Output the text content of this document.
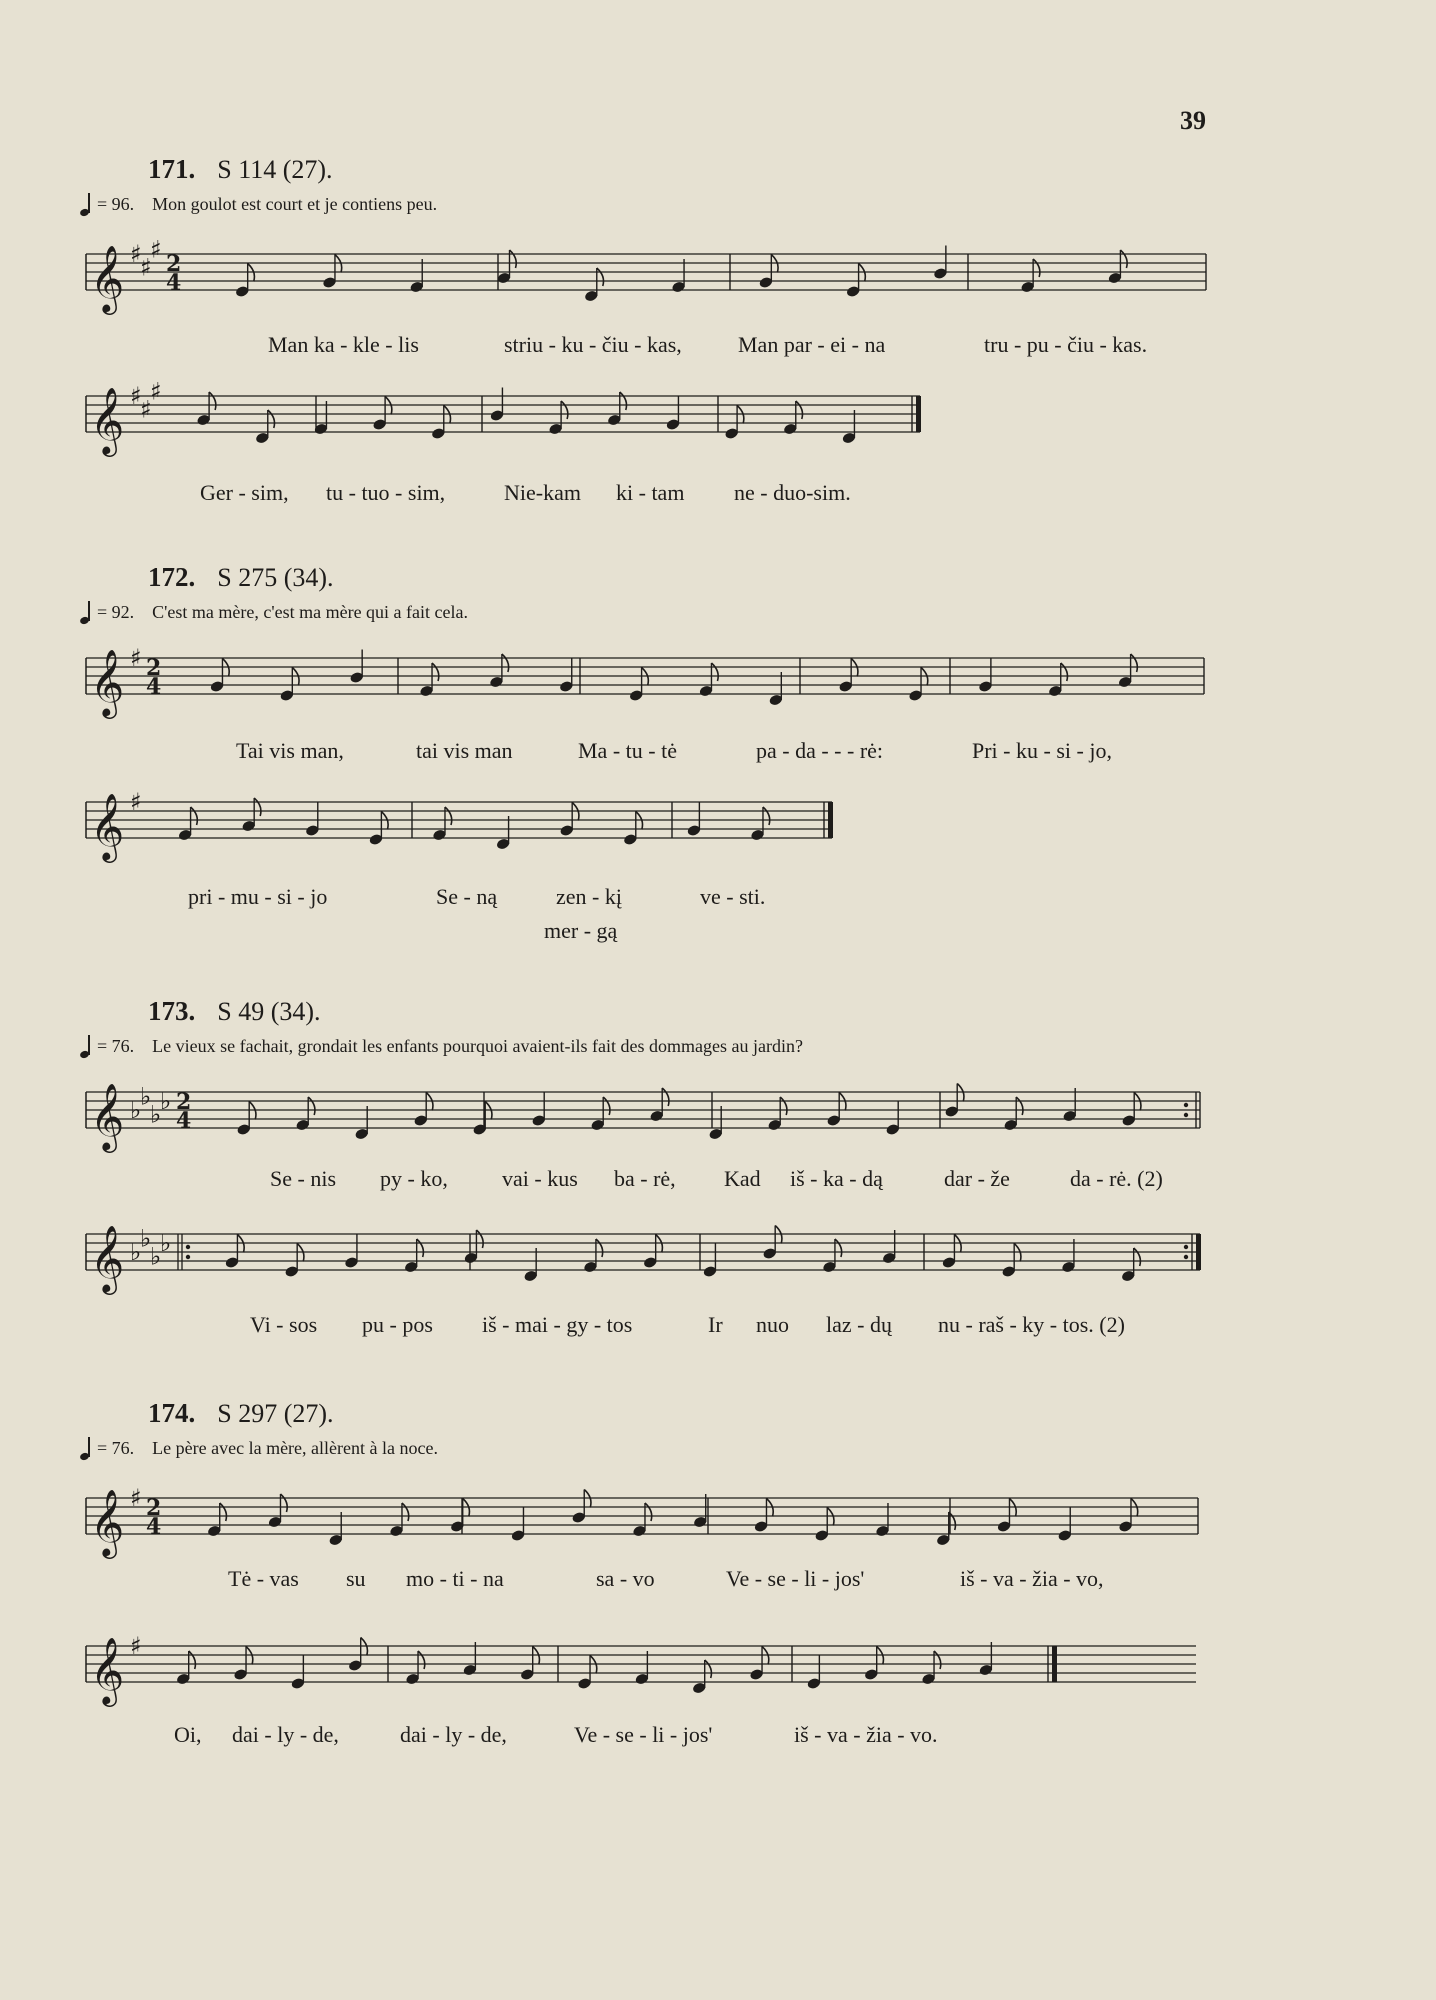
39
171. S 114 (27).
= 96. Mon goulot est court et je contiens peu.
𝄞 ♯
♯
♯
2
4
Man ka - kle - lis	striu - ku - čiu - kas,	Man par - ei - na	tru - pu - čiu - kas.
𝄞 ♯
♯
♯
Ger - sim, tu - tuo - sim,	Nie-kam ki - tam ne - duo-sim.
172. S 275 (34).
= 92. C'est ma mère, c'est ma mère qui a fait cela.
𝄞 ♯ 2
4
Tai vis man,	tai vis man	Ma - tu - tė	pa - da - - - rė:	Pri - ku - si - jo,
𝄞 ♯
pri - mu - si - jo	Se - ną	zen - kį	ve - sti.
mer - gą
173. S 49 (34).
= 76. Le vieux se fachait, grondait les enfants pourquoi avaient-ils fait des dommages au jardin?
𝄞 ♭
♭
♭
♭ 2
4
Se - nis py - ko, vai - kus ba - rė, Kad iš - ka - dą	dar - že	da - rė. (2)
𝄞 ♭
♭
♭
♭
Vi - sos pu - pos iš - mai - gy - tos	Ir nuo laz - dų nu - raš - ky - tos. (2)
174. S 297 (27).
= 76. Le père avec la mère, allèrent à la noce.
𝄞 ♯ 2
4
Tė - vas su mo - ti - na	sa - vo	Ve - se - li - jos'	iš - va - žia - vo,
𝄞 ♯
Oi, dai - ly - de,	dai - ly - de,	Ve - se - li - jos'	iš - va - žia - vo.
